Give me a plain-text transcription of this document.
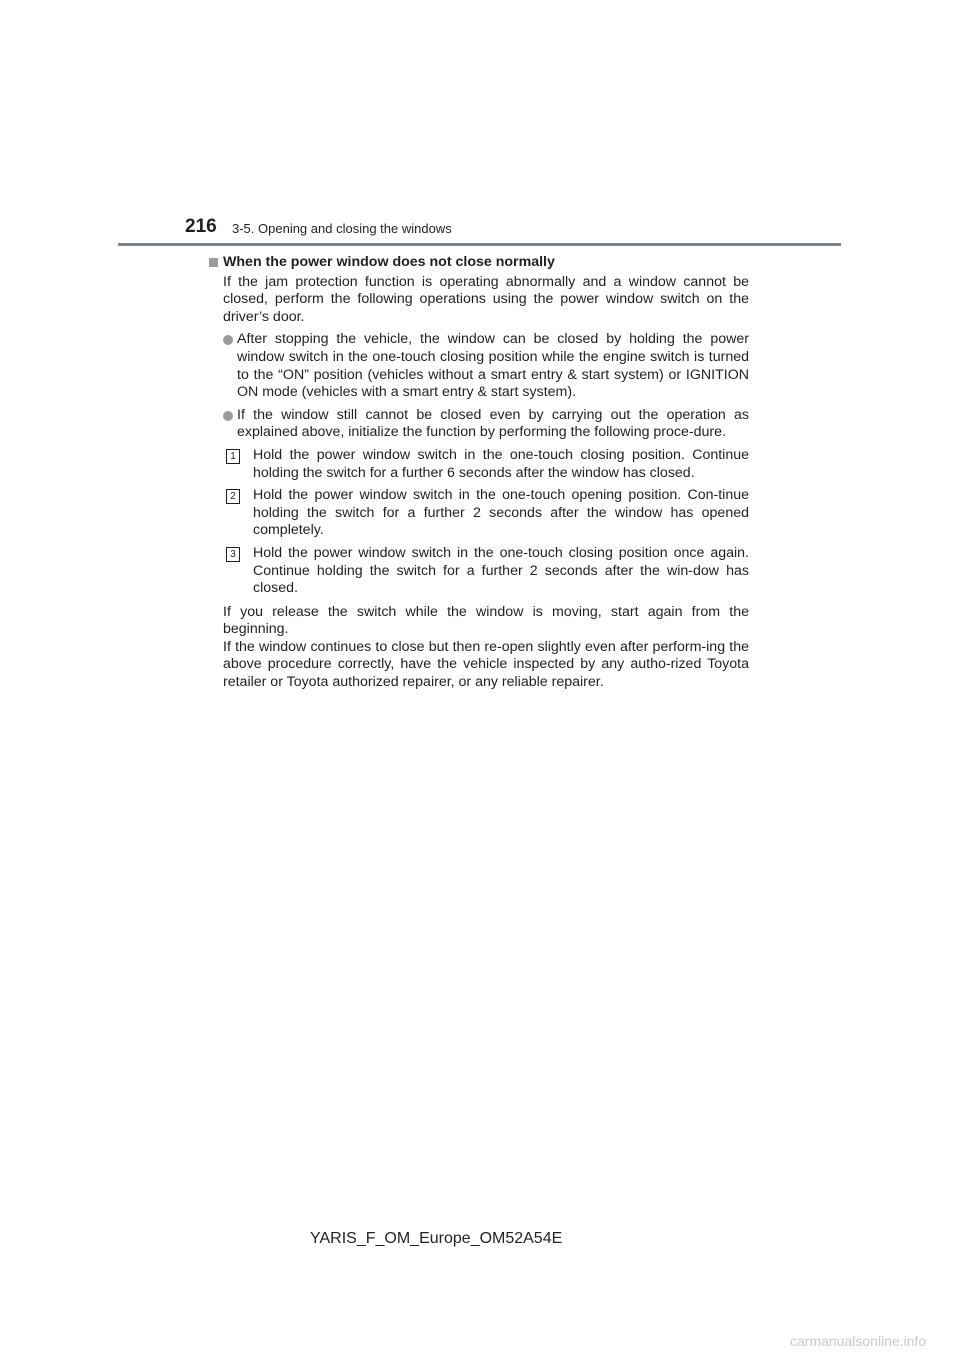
216 3-5. Opening and closing the windows
When the power window does not close normally

If the jam protection function is operating abnormally and a window cannot be closed, perform the following operations using the power window switch on the driver’s door.

After stopping the vehicle, the window can be closed by holding the power window switch in the one-touch closing position while the engine switch is turned to the “ON” position (vehicles without a smart entry & start system) or IGNITION ON mode (vehicles with a smart entry & start system).
If the window still cannot be closed even by carrying out the operation as explained above, initialize the function by performing the following proce-dure.
1 Hold the power window switch in the one-touch closing position. Continue holding the switch for a further 6 seconds after the window has closed.
2 Hold the power window switch in the one-touch opening position. Con-tinue holding the switch for a further 2 seconds after the window has opened completely.
3 Hold the power window switch in the one-touch closing position once again. Continue holding the switch for a further 2 seconds after the win-dow has closed.

If you release the switch while the window is moving, start again from the beginning.
If the window continues to close but then re-open slightly even after perform-ing the above procedure correctly, have the vehicle inspected by any autho-rized Toyota retailer or Toyota authorized repairer, or any reliable repairer.

YARIS_F_OM_Europe_OM52A54E
carmanualsonline.info
